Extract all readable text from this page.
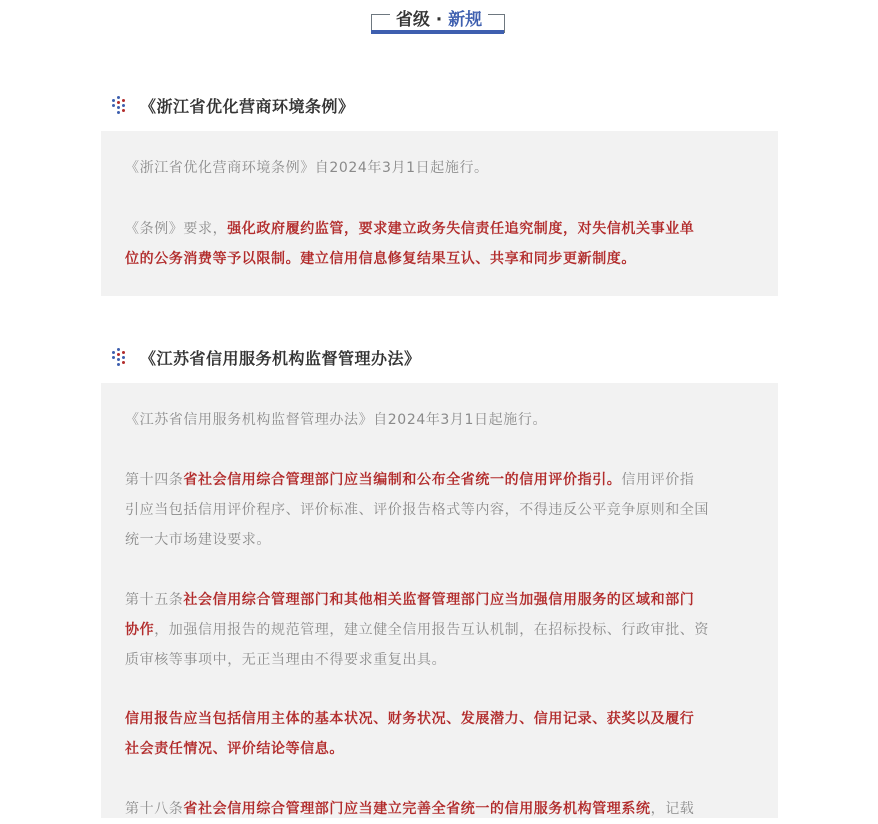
省级 · 新规
《浙江省优化营商环境条例》
《浙江省优化营商环境条例》自2024年3月1日起施行。
《条例》要求，强化政府履约监管，要求建立政务失信责任追究制度，对失信机关事业单
位的公务消费等予以限制。建立信用信息修复结果互认、共享和同步更新制度。
《江苏省信用服务机构监督管理办法》
《江苏省信用服务机构监督管理办法》自2024年3月1日起施行。
第十四条省社会信用综合管理部门应当编制和公布全省统一的信用评价指引。信用评价指
引应当包括信用评价程序、评价标准、评价报告格式等内容，不得违反公平竞争原则和全国
统一大市场建设要求。
第十五条社会信用综合管理部门和其他相关监督管理部门应当加强信用服务的区域和部门
协作，加强信用报告的规范管理，建立健全信用报告互认机制，在招标投标、行政审批、资
质审核等事项中，无正当理由不得要求重复出具。
信用报告应当包括信用主体的基本状况、财务状况、发展潜力、信用记录、获奖以及履行
社会责任情况、评价结论等信息。
第十八条省社会信用综合管理部门应当建立完善全省统一的信用服务机构管理系统，记载
